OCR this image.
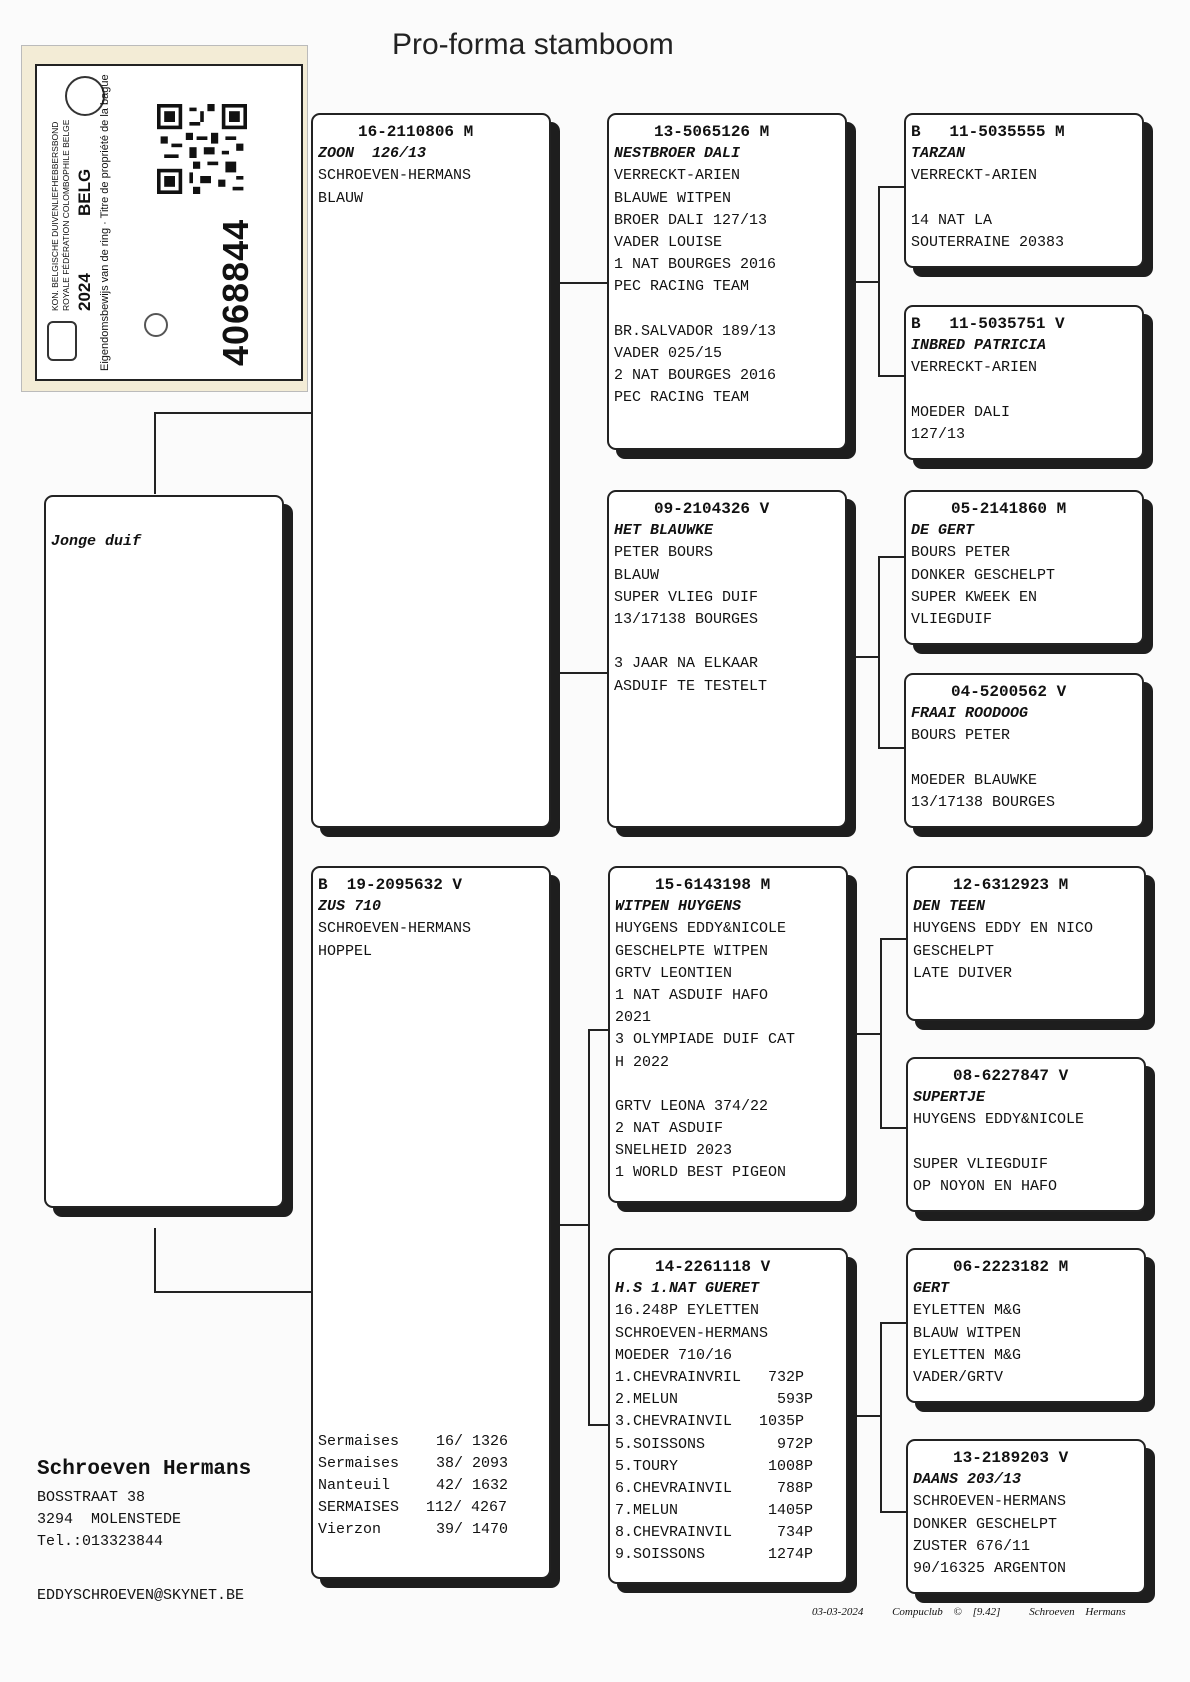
Pro-forma stamboom
KON. BELGISCHE DUIVENLIEFHEBBERSBOND ROYALE FÉDÉRATION COLOMBOPHILE BELGE 2024
BELG Eigendomsbewijs van de ring · Titre de propriété de la bague	4068844
Jonge duif
16-2110806 M
ZOON  126/13
SCHROEVEN-HERMANS
BLAUW
B  19-2095632 V
ZUS 710
SCHROEVEN-HERMANS
HOPPEL
Sermaises 16/ 1326
Sermaises 38/ 2093
Nanteuil	42/ 1632
SERMAISES 112/ 4267
Vierzon	39/ 1470
13-5065126 M
NESTBROER DALI
VERRECKT-ARIEN
BLAUWE WITPEN
BROER DALI 127/13
VADER LOUISE
1 NAT BOURGES 2016
PEC RACING TEAM
BR.SALVADOR 189/13
VADER 025/15
2 NAT BOURGES 2016
PEC RACING TEAM
09-2104326 V
HET BLAUWKE
PETER BOURS
BLAUW
SUPER VLIEG DUIF
13/17138 BOURGES
3 JAAR NA ELKAAR
ASDUIF TE TESTELT
15-6143198 M
WITPEN HUYGENS
HUYGENS EDDY&NICOLE
GESCHELPTE WITPEN
GRTV LEONTIEN
1 NAT ASDUIF HAFO
2021
3 OLYMPIADE DUIF CAT
H 2022
GRTV LEONA 374/22
2 NAT ASDUIF
SNELHEID 2023
1 WORLD BEST PIGEON
14-2261118 V
H.S 1.NAT GUERET
16.248P EYLETTEN
SCHROEVEN-HERMANS
MOEDER 710/16
1.CHEVRAINVRIL   732P
2.MELUN           593P
3.CHEVRAINVIL   1035P
5.SOISSONS        972P
5.TOURY          1008P
6.CHEVRAINVIL     788P
7.MELUN          1405P
8.CHEVRAINVIL     734P
9.SOISSONS       1274P
B   11-5035555 M
TARZAN
VERRECKT-ARIEN
14 NAT LA
SOUTERRAINE 20383
B   11-5035751 V
INBRED PATRICIA
VERRECKT-ARIEN
MOEDER DALI
127/13
05-2141860 M
DE GERT
BOURS PETER
DONKER GESCHELPT
SUPER KWEEK EN
VLIEGDUIF
04-5200562 V
FRAAI ROODOOG
BOURS PETER
MOEDER BLAUWKE
13/17138 BOURGES
12-6312923 M
DEN TEEN
HUYGENS EDDY EN NICO
GESCHELPT
LATE DUIVER
08-6227847 V
SUPERTJE
HUYGENS EDDY&NICOLE
SUPER VLIEGDUIF
OP NOYON EN HAFO
06-2223182 M
GERT
EYLETTEN M&G
BLAUW WITPEN
EYLETTEN M&G
VADER/GRTV
13-2189203 V
DAANS 203/13
SCHROEVEN-HERMANS
DONKER GESCHELPT
ZUSTER 676/11
90/16325 ARGENTON
Schroeven Hermans
BOSSTRAAT 38
3294  MOLENSTEDE
Tel.:013323844
EDDYSCHROEVEN@SKYNET.BE
03-03-2024	Compuclub © [9.42]	Schroeven Hermans
